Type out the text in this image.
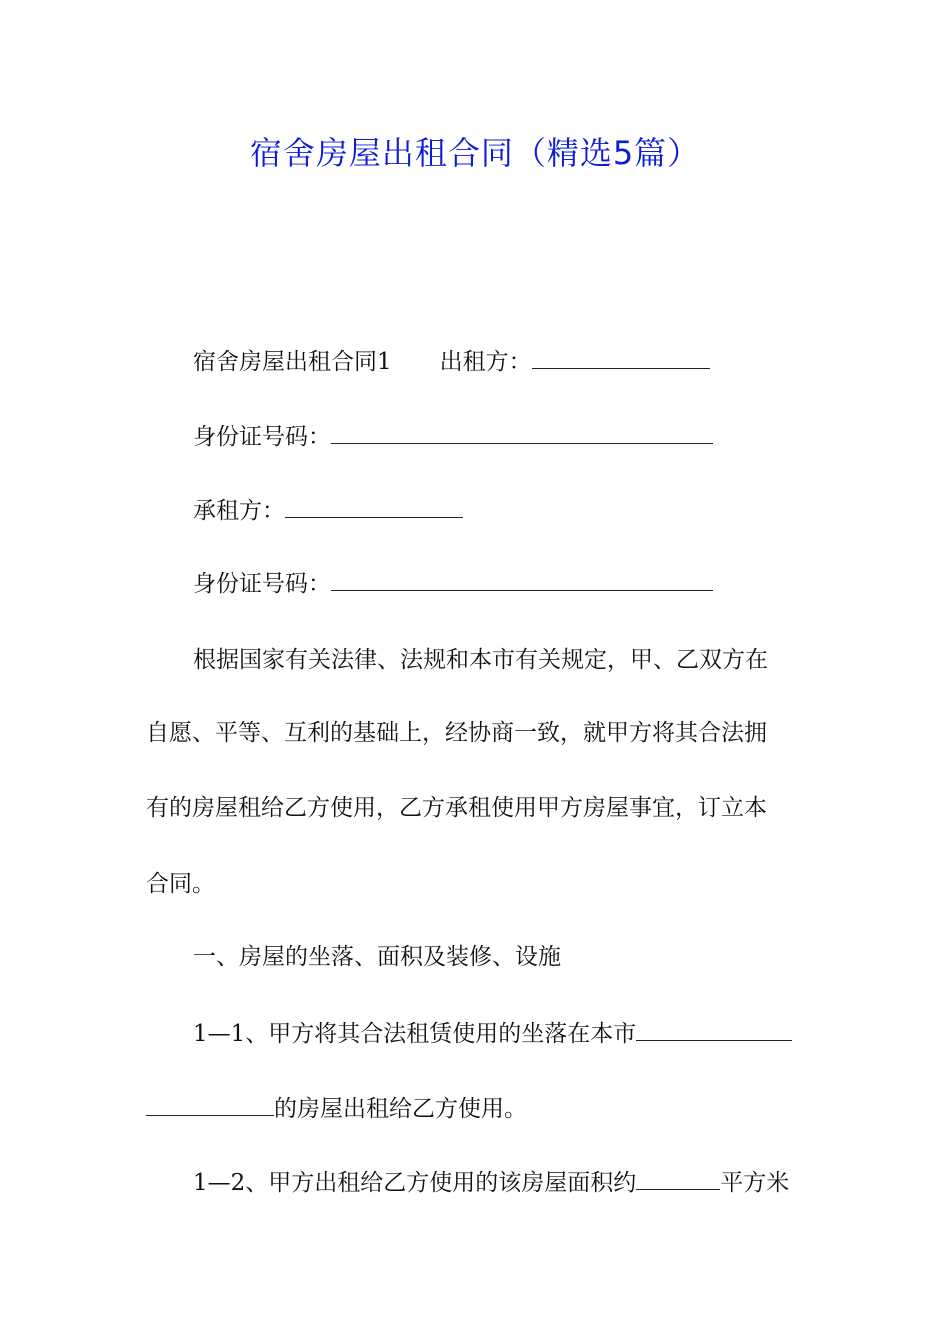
宿舍房屋出租合同（精选5篇）
宿舍房屋出租合同1 出租方：
身份证号码：
承租方：
身份证号码：
根据国家有关法律、法规和本市有关规定，甲、乙双方在
自愿、平等、互利的基础上，经协商一致，就甲方将其合法拥
有的房屋租给乙方使用，乙方承租使用甲方房屋事宜，订立本
合同。
一、房屋的坐落、面积及装修、设施
1—1、甲方将其合法租赁使用的坐落在本市
的房屋出租给乙方使用。
1—2、甲方出租给乙方使用的该房屋面积约	平方米
